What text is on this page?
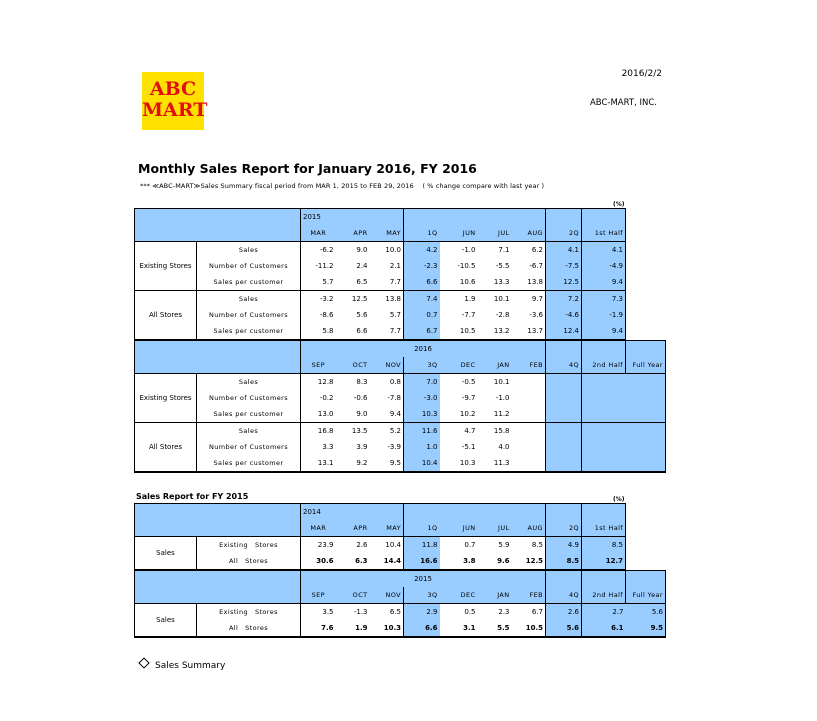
ABC
MART
2016/2/2
ABC-MART, INC.
Monthly Sales Report for January 2016, FY 2016
*** ≪ABC-MART≫Sales Summary fiscal period from MAR 1, 2015 to FEB 29, 2016 　( % change compare with last year )
(%)
		2015									
		MAR	APR	MAY	1Q	JUN	JUL	AUG	2Q	1st Half	
Existing Stores	Sales	-6.2	9.0	10.0	4.2	-1.0	7.1	6.2	4.1	4.1	
	Number of Customers	-11.2	2.4	2.1	-2.3	-10.5	-5.5	-6.7	-7.5	-4.9	
	Sales per customer	5.7	6.5	7.7	6.6	10.6	13.3	13.8	12.5	9.4	
All Stores	Sales	-3.2	12.5	13.8	7.4	1.9	10.1	9.7	7.2	7.3	
	Number of Customers	-8.6	5.6	5.7	0.7	-7.7	-2.8	-3.6	-4.6	-1.9	
	Sales per customer	5.8	6.6	7.7	6.7	10.5	13.2	13.7	12.4	9.4	
		2016									
		SEP	OCT	NOV	3Q	DEC	JAN	FEB	4Q	2nd Half	Full Year
Existing Stores	Sales	12.8	8.3	0.8	7.0	-0.5	10.1				
	Number of Customers	-0.2	-0.6	-7.8	-3.0	-9.7	-1.0				
	Sales per customer	13.0	9.0	9.4	10.3	10.2	11.2				
All Stores	Sales	16.8	13.5	5.2	11.6	4.7	15.8				
	Number of Customers	3.3	3.9	-3.9	1.0	-5.1	4.0				
	Sales per customer	13.1	9.2	9.5	10.4	10.3	11.3				
Sales Report for FY 2015	(%)
		2014									
		MAR	APR	MAY	1Q	JUN	JUL	AUG	2Q	1st Half	
Sales	Existing　Stores	23.9	2.6	10.4	11.8	0.7	5.9	8.5	4.9	8.5	
	All　Stores	30.6	6.3	14.4	16.6	3.8	9.6	12.5	8.5	12.7	
		2015									
		SEP	OCT	NOV	3Q	DEC	JAN	FEB	4Q	2nd Half	Full Year
Sales	Existing　Stores	3.5	-1.3	6.5	2.9	0.5	2.3	6.7	2.6	2.7	5.6
	All　Stores	7.6	1.9	10.3	6.6	3.1	5.5	10.5	5.6	6.1	9.5
Sales Summary
